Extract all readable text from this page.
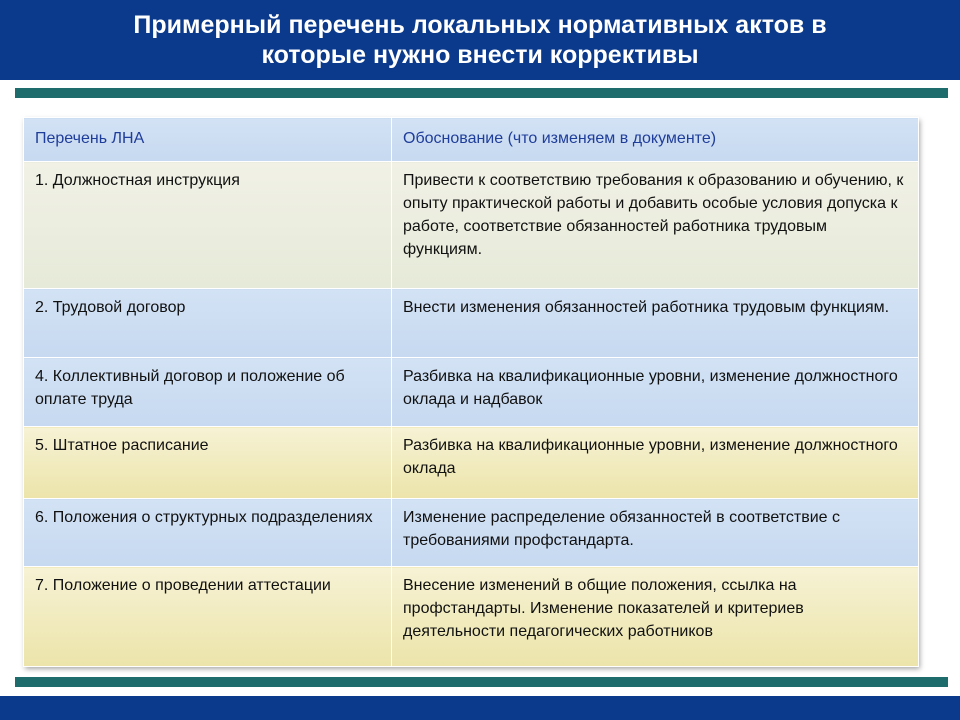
Примерный перечень локальных нормативных актов в которые нужно внести коррективы
Перечень ЛНА	Обоснование (что изменяем в документе)
1. Должностная инструкция	Привести к соответствию требования к образованию и обучению, к опыту практической работы и добавить особые условия допуска к работе, соответствие обязанностей работника трудовым функциям.
2. Трудовой договор	Внести изменения обязанностей работника трудовым функциям.
4. Коллективный договор и положение об оплате труда	Разбивка на квалификационные уровни, изменение должностного оклада и надбавок
5. Штатное расписание	Разбивка на квалификационные уровни, изменение должностного оклада
6. Положения о структурных подразделениях	Изменение распределение обязанностей в соответствие с требованиями профстандарта.
7. Положение о проведении аттестации	Внесение изменений в общие положения, ссылка на профстандарты. Изменение показателей и критериев деятельности педагогических работников
